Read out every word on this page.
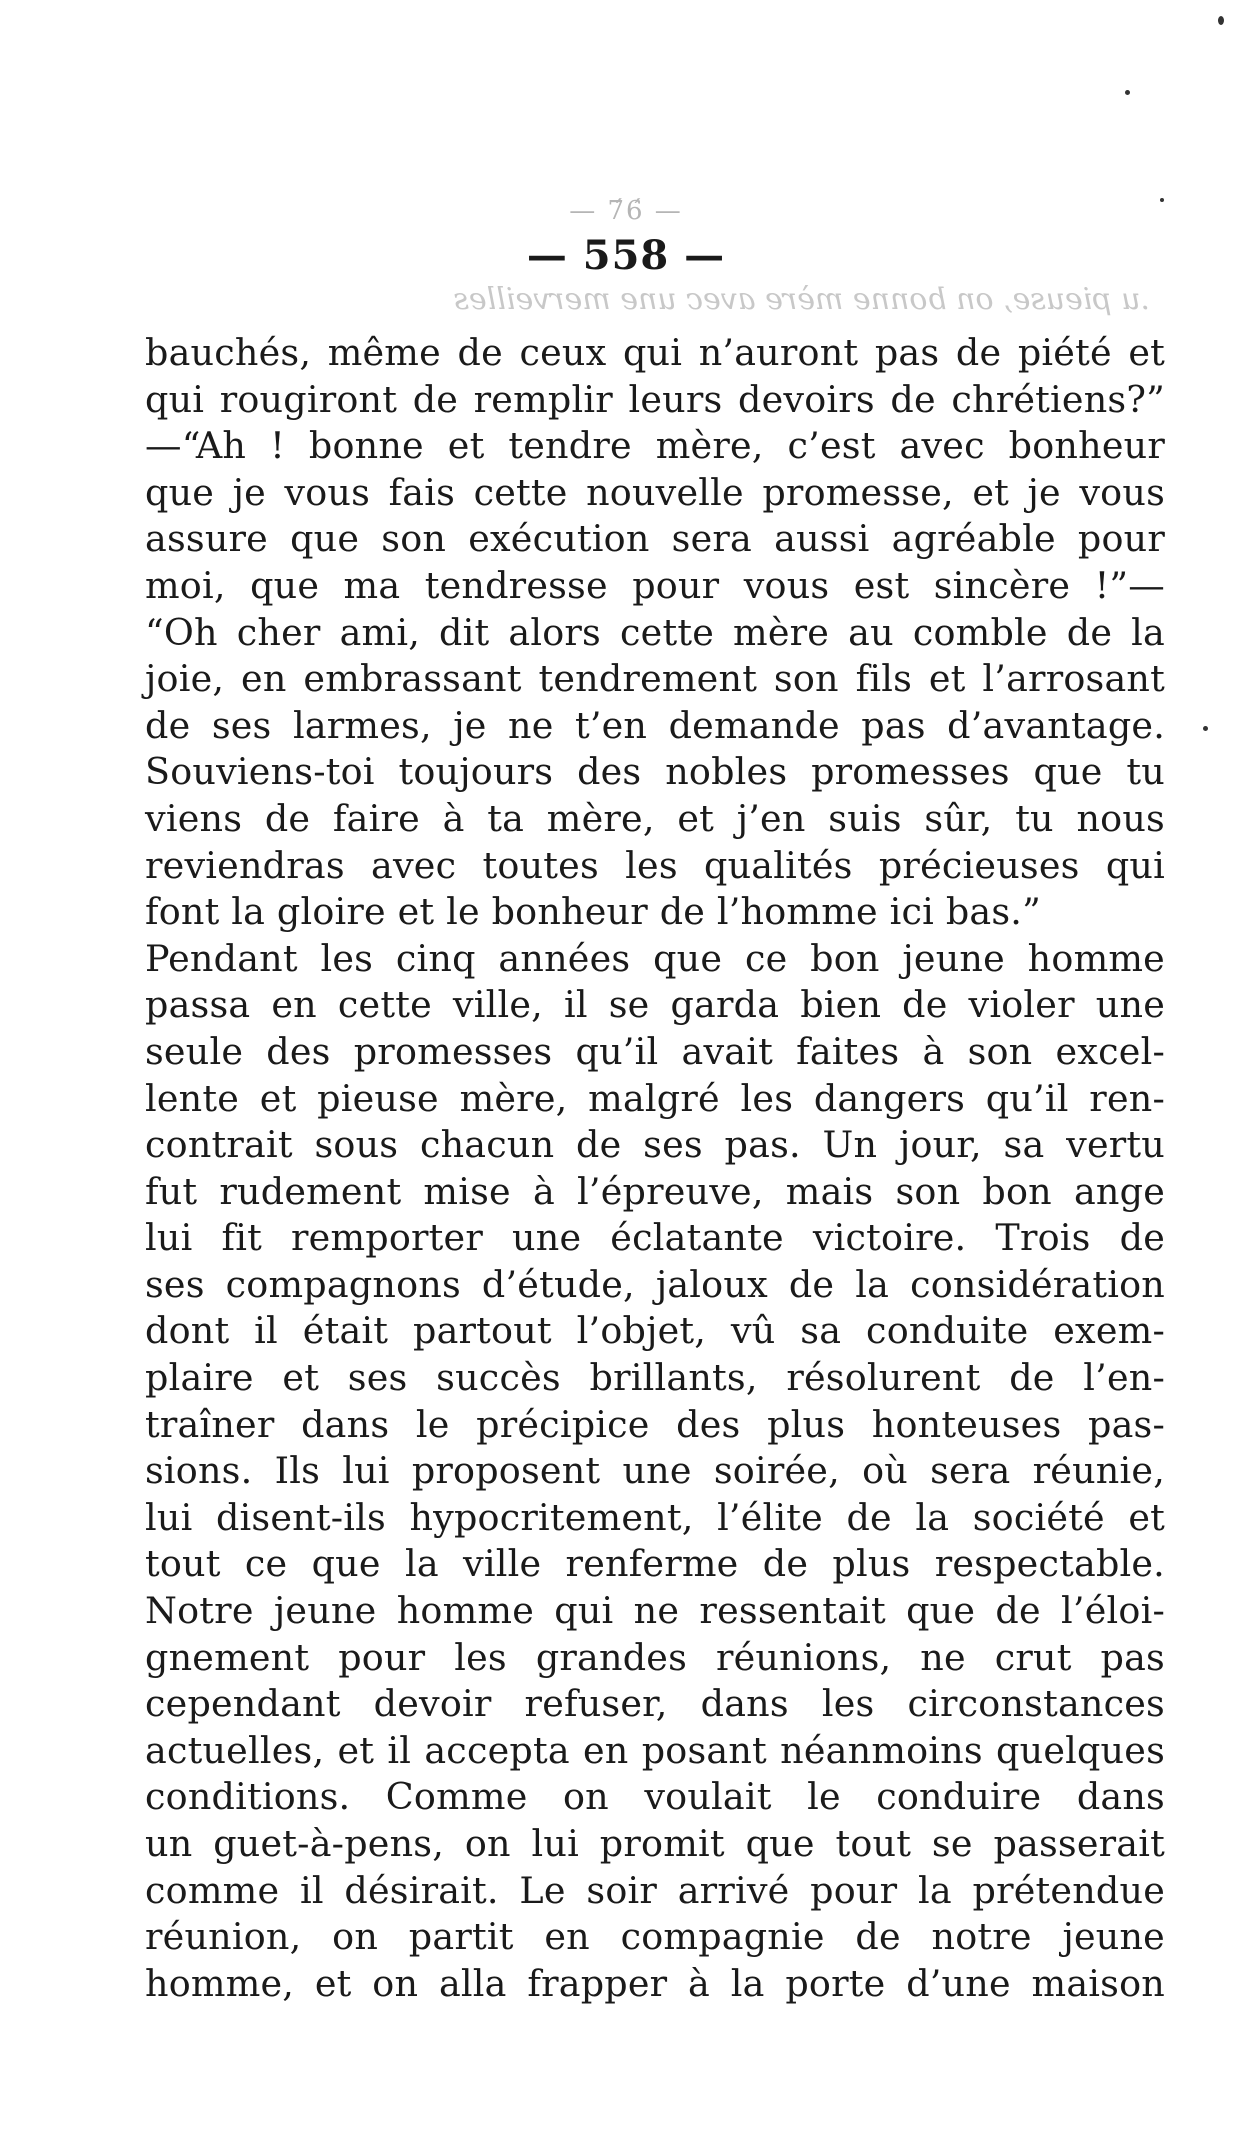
— 7́6́ —
— 558 —
.u pieuse, on bonne mère avec une merveilles
bauchés, même de ceux qui n’auront pas de piété et
qui rougiront de remplir leurs devoirs de chrétiens?”
—“Ah ! bonne et tendre mère, c’est avec bonheur
que je vous fais cette nouvelle promesse, et je vous
assure que son exécution sera aussi agréable pour
moi, que ma tendresse pour vous est sincère !”—
“Oh cher ami, dit alors cette mère au comble de la
joie, en embrassant tendrement son fils et l’arrosant
de ses larmes, je ne t’en demande pas d’avantage.
Souviens-toi toujours des nobles promesses que tu
viens de faire à ta mère, et j’en suis sûr, tu nous
reviendras avec toutes les qualités précieuses qui
font la gloire et le bonheur de l’homme ici bas.”
Pendant les cinq années que ce bon jeune homme
passa en cette ville, il se garda bien de violer une
seule des promesses qu’il avait faites à son excel-
lente et pieuse mère, malgré les dangers qu’il ren-
contrait sous chacun de ses pas. Un jour, sa vertu
fut rudement mise à l’épreuve, mais son bon ange
lui fit remporter une éclatante victoire. Trois de
ses compagnons d’étude, jaloux de la considération
dont il était partout l’objet, vû sa conduite exem-
plaire et ses succès brillants, résolurent de l’en-
traîner dans le précipice des plus honteuses pas-
sions. Ils lui proposent une soirée, où sera réunie,
lui disent-ils hypocritement, l’élite de la société et
tout ce que la ville renferme de plus respectable.
Notre jeune homme qui ne ressentait que de l’éloi-
gnement pour les grandes réunions, ne crut pas
cependant devoir refuser, dans les circonstances
actuelles, et il accepta en posant néanmoins quelques
conditions. Comme on voulait le conduire dans
un guet-à-pens, on lui promit que tout se passerait
comme il désirait. Le soir arrivé pour la prétendue
réunion, on partit en compagnie de notre jeune
homme, et on alla frapper à la porte d’une maison
